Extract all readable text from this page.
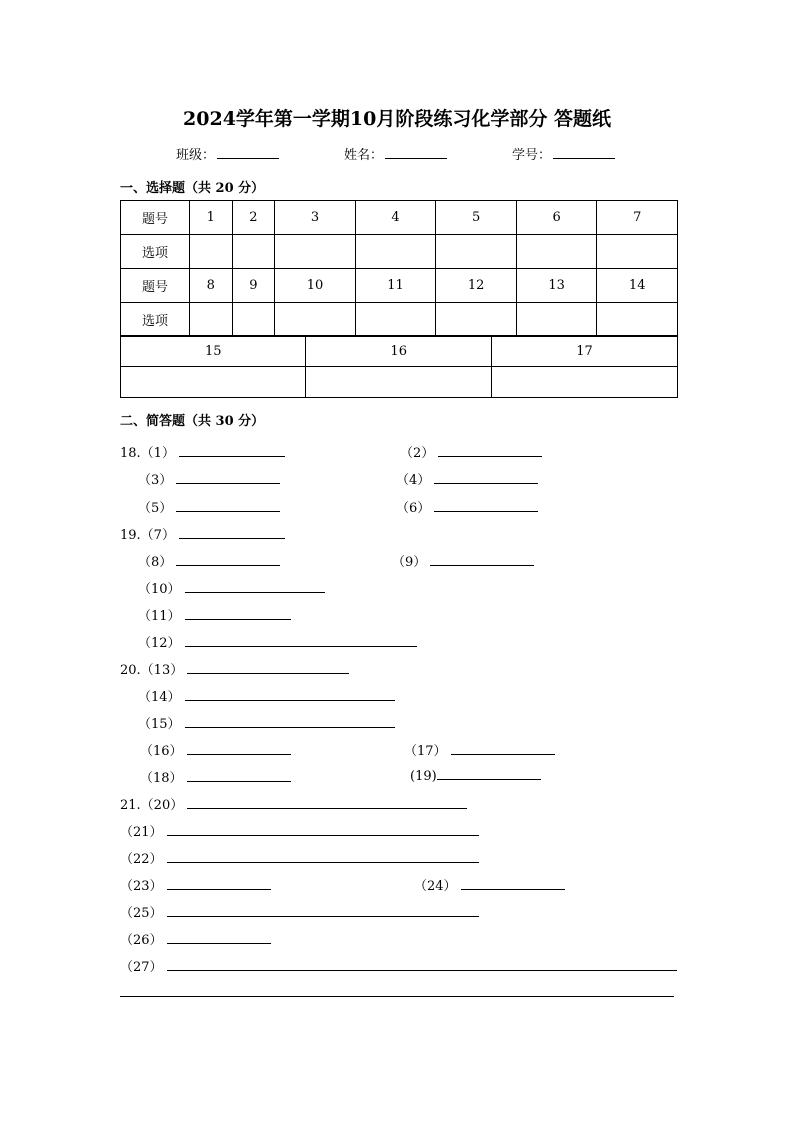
2024学年第一学期10月阶段练习化学部分 答题纸
班级：	姓名：	学号：
一、选择题（共 20 分）
题号	1	2	3	4	5	6	7
选项							
题号	8	9	10	11	12	13	14
选项							
15	16	17

二、简答题（共 30 分）
18.（1）	（2）
（3）	（4）
（5）	（6）
19.（7）
（8）	（9）
（10）
（11）
（12）
20.（13）
（14）
（15）
（16）	（17）
（18）	(19)
21.（20）
（21）
（22）
（23）	（24）
（25）
（26）
（27）
